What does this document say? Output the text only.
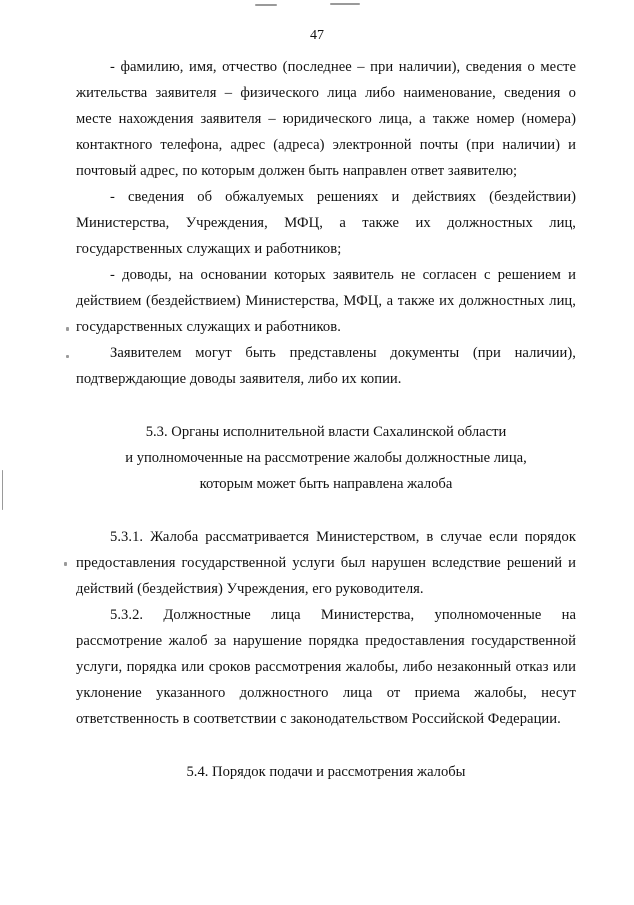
47

- фамилию, имя, отчество (последнее – при наличии), сведения о месте жительства заявителя – физического лица либо наименование, сведения о месте нахождения заявителя – юридического лица, а также номер (номера) контактного телефона, адрес (адреса) электронной почты (при наличии) и почтовый адрес, по которым должен быть направлен ответ заявителю;

- сведения об обжалуемых решениях и действиях (бездействии) Министерства, Учреждения, МФЦ, а также их должностных лиц, государственных служащих и работников;

- доводы, на основании которых заявитель не согласен с решением и действием (бездействием) Министерства, МФЦ, а также их должностных лиц, государственных служащих и работников.

Заявителем могут быть представлены документы (при наличии), подтверждающие доводы заявителя, либо их копии.

5.3. Органы исполнительной власти Сахалинской области
и уполномоченные на рассмотрение жалобы должностные лица,
которым может быть направлена жалоба

5.3.1. Жалоба рассматривается Министерством, в случае если порядок предоставления государственной услуги был нарушен вследствие решений и действий (бездействия) Учреждения, его руководителя.

5.3.2. Должностные лица Министерства, уполномоченные на рассмотрение жалоб за нарушение порядка предоставления государственной услуги, порядка или сроков рассмотрения жалобы, либо незаконный отказ или уклонение указанного должностного лица от приема жалобы, несут ответственность в соответствии с законодательством Российской Федерации.

5.4. Порядок подачи и рассмотрения жалобы
